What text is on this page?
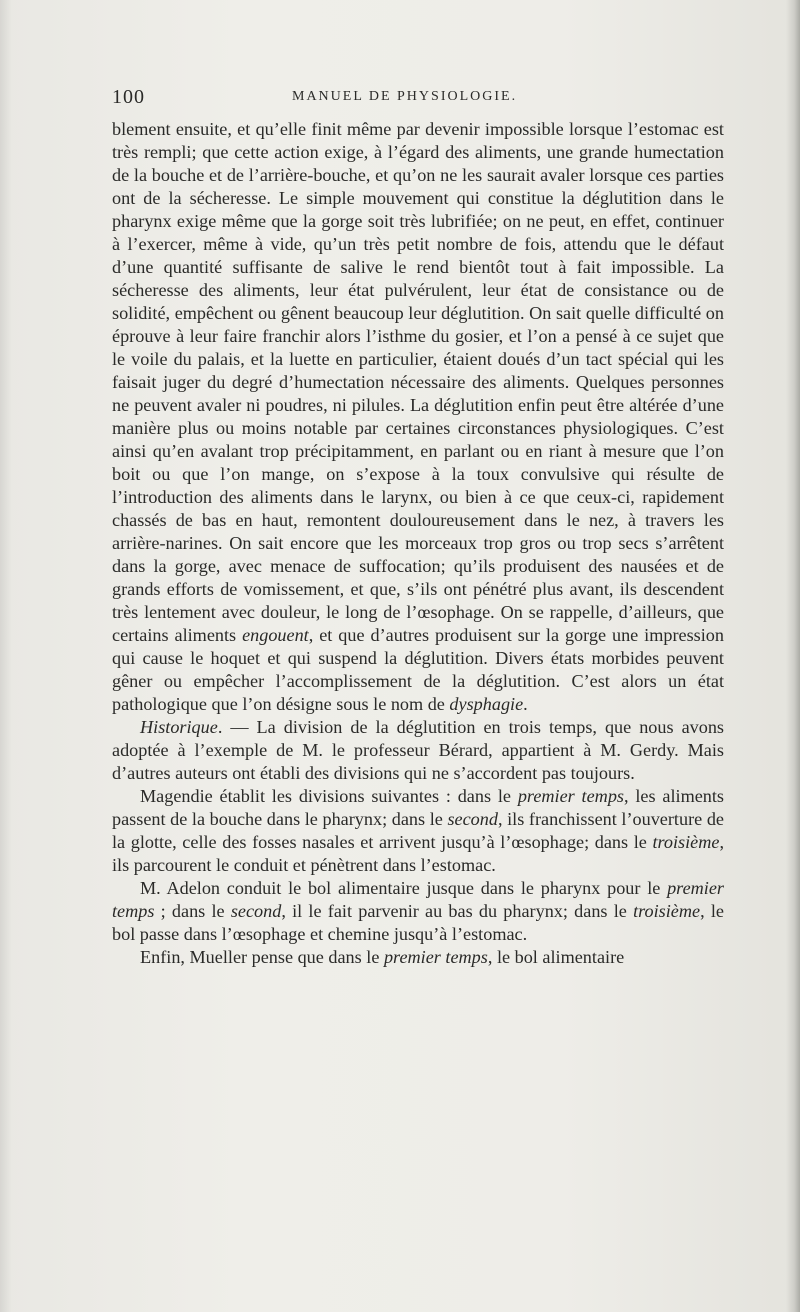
100	MANUEL DE PHYSIOLOGIE.

blement ensuite, et qu’elle finit même par devenir impossible lorsque l’estomac est très rempli; que cette action exige, à l’égard des aliments, une grande humectation de la bouche et de l’arrière-bouche, et qu’on ne les saurait avaler lorsque ces parties ont de la sécheresse. Le simple mouvement qui constitue la déglutition dans le pharynx exige même que la gorge soit très lubrifiée; on ne peut, en effet, continuer à l’exercer, même à vide, qu’un très petit nombre de fois, attendu que le défaut d’une quantité suffisante de salive le rend bientôt tout à fait impossible. La sécheresse des aliments, leur état pulvérulent, leur état de consistance ou de solidité, empêchent ou gênent beaucoup leur déglutition. On sait quelle difficulté on éprouve à leur faire franchir alors l’isthme du gosier, et l’on a pensé à ce sujet que le voile du palais, et la luette en particulier, étaient doués d’un tact spécial qui les faisait juger du degré d’humectation nécessaire des aliments. Quelques personnes ne peuvent avaler ni poudres, ni pilules. La déglutition enfin peut être altérée d’une manière plus ou moins notable par certaines circonstances physiologiques. C’est ainsi qu’en avalant trop précipitamment, en parlant ou en riant à mesure que l’on boit ou que l’on mange, on s’expose à la toux convulsive qui résulte de l’introduction des aliments dans le larynx, ou bien à ce que ceux-ci, rapidement chassés de bas en haut, remontent douloureusement dans le nez, à travers les arrière-narines. On sait encore que les morceaux trop gros ou trop secs s’arrêtent dans la gorge, avec menace de suffocation; qu’ils produisent des nausées et de grands efforts de vomissement, et que, s’ils ont pénétré plus avant, ils descendent très lentement avec douleur, le long de l’œsophage. On se rappelle, d’ailleurs, que certains aliments engouent, et que d’autres produisent sur la gorge une impression qui cause le hoquet et qui suspend la déglutition. Divers états morbides peuvent gêner ou empêcher l’accomplissement de la déglutition. C’est alors un état pathologique que l’on désigne sous le nom de dysphagie.

Historique. — La division de la déglutition en trois temps, que nous avons adoptée à l’exemple de M. le professeur Bérard, appartient à M. Gerdy. Mais d’autres auteurs ont établi des divisions qui ne s’accordent pas toujours.

Magendie établit les divisions suivantes : dans le premier temps, les aliments passent de la bouche dans le pharynx; dans le second, ils franchissent l’ouverture de la glotte, celle des fosses nasales et arrivent jusqu’à l’œsophage; dans le troisième, ils parcourent le conduit et pénètrent dans l’estomac.

M. Adelon conduit le bol alimentaire jusque dans le pharynx pour le premier temps ; dans le second, il le fait parvenir au bas du pharynx; dans le troisième, le bol passe dans l’œsophage et chemine jusqu’à l’estomac.

Enfin, Mueller pense que dans le premier temps, le bol alimentaire
